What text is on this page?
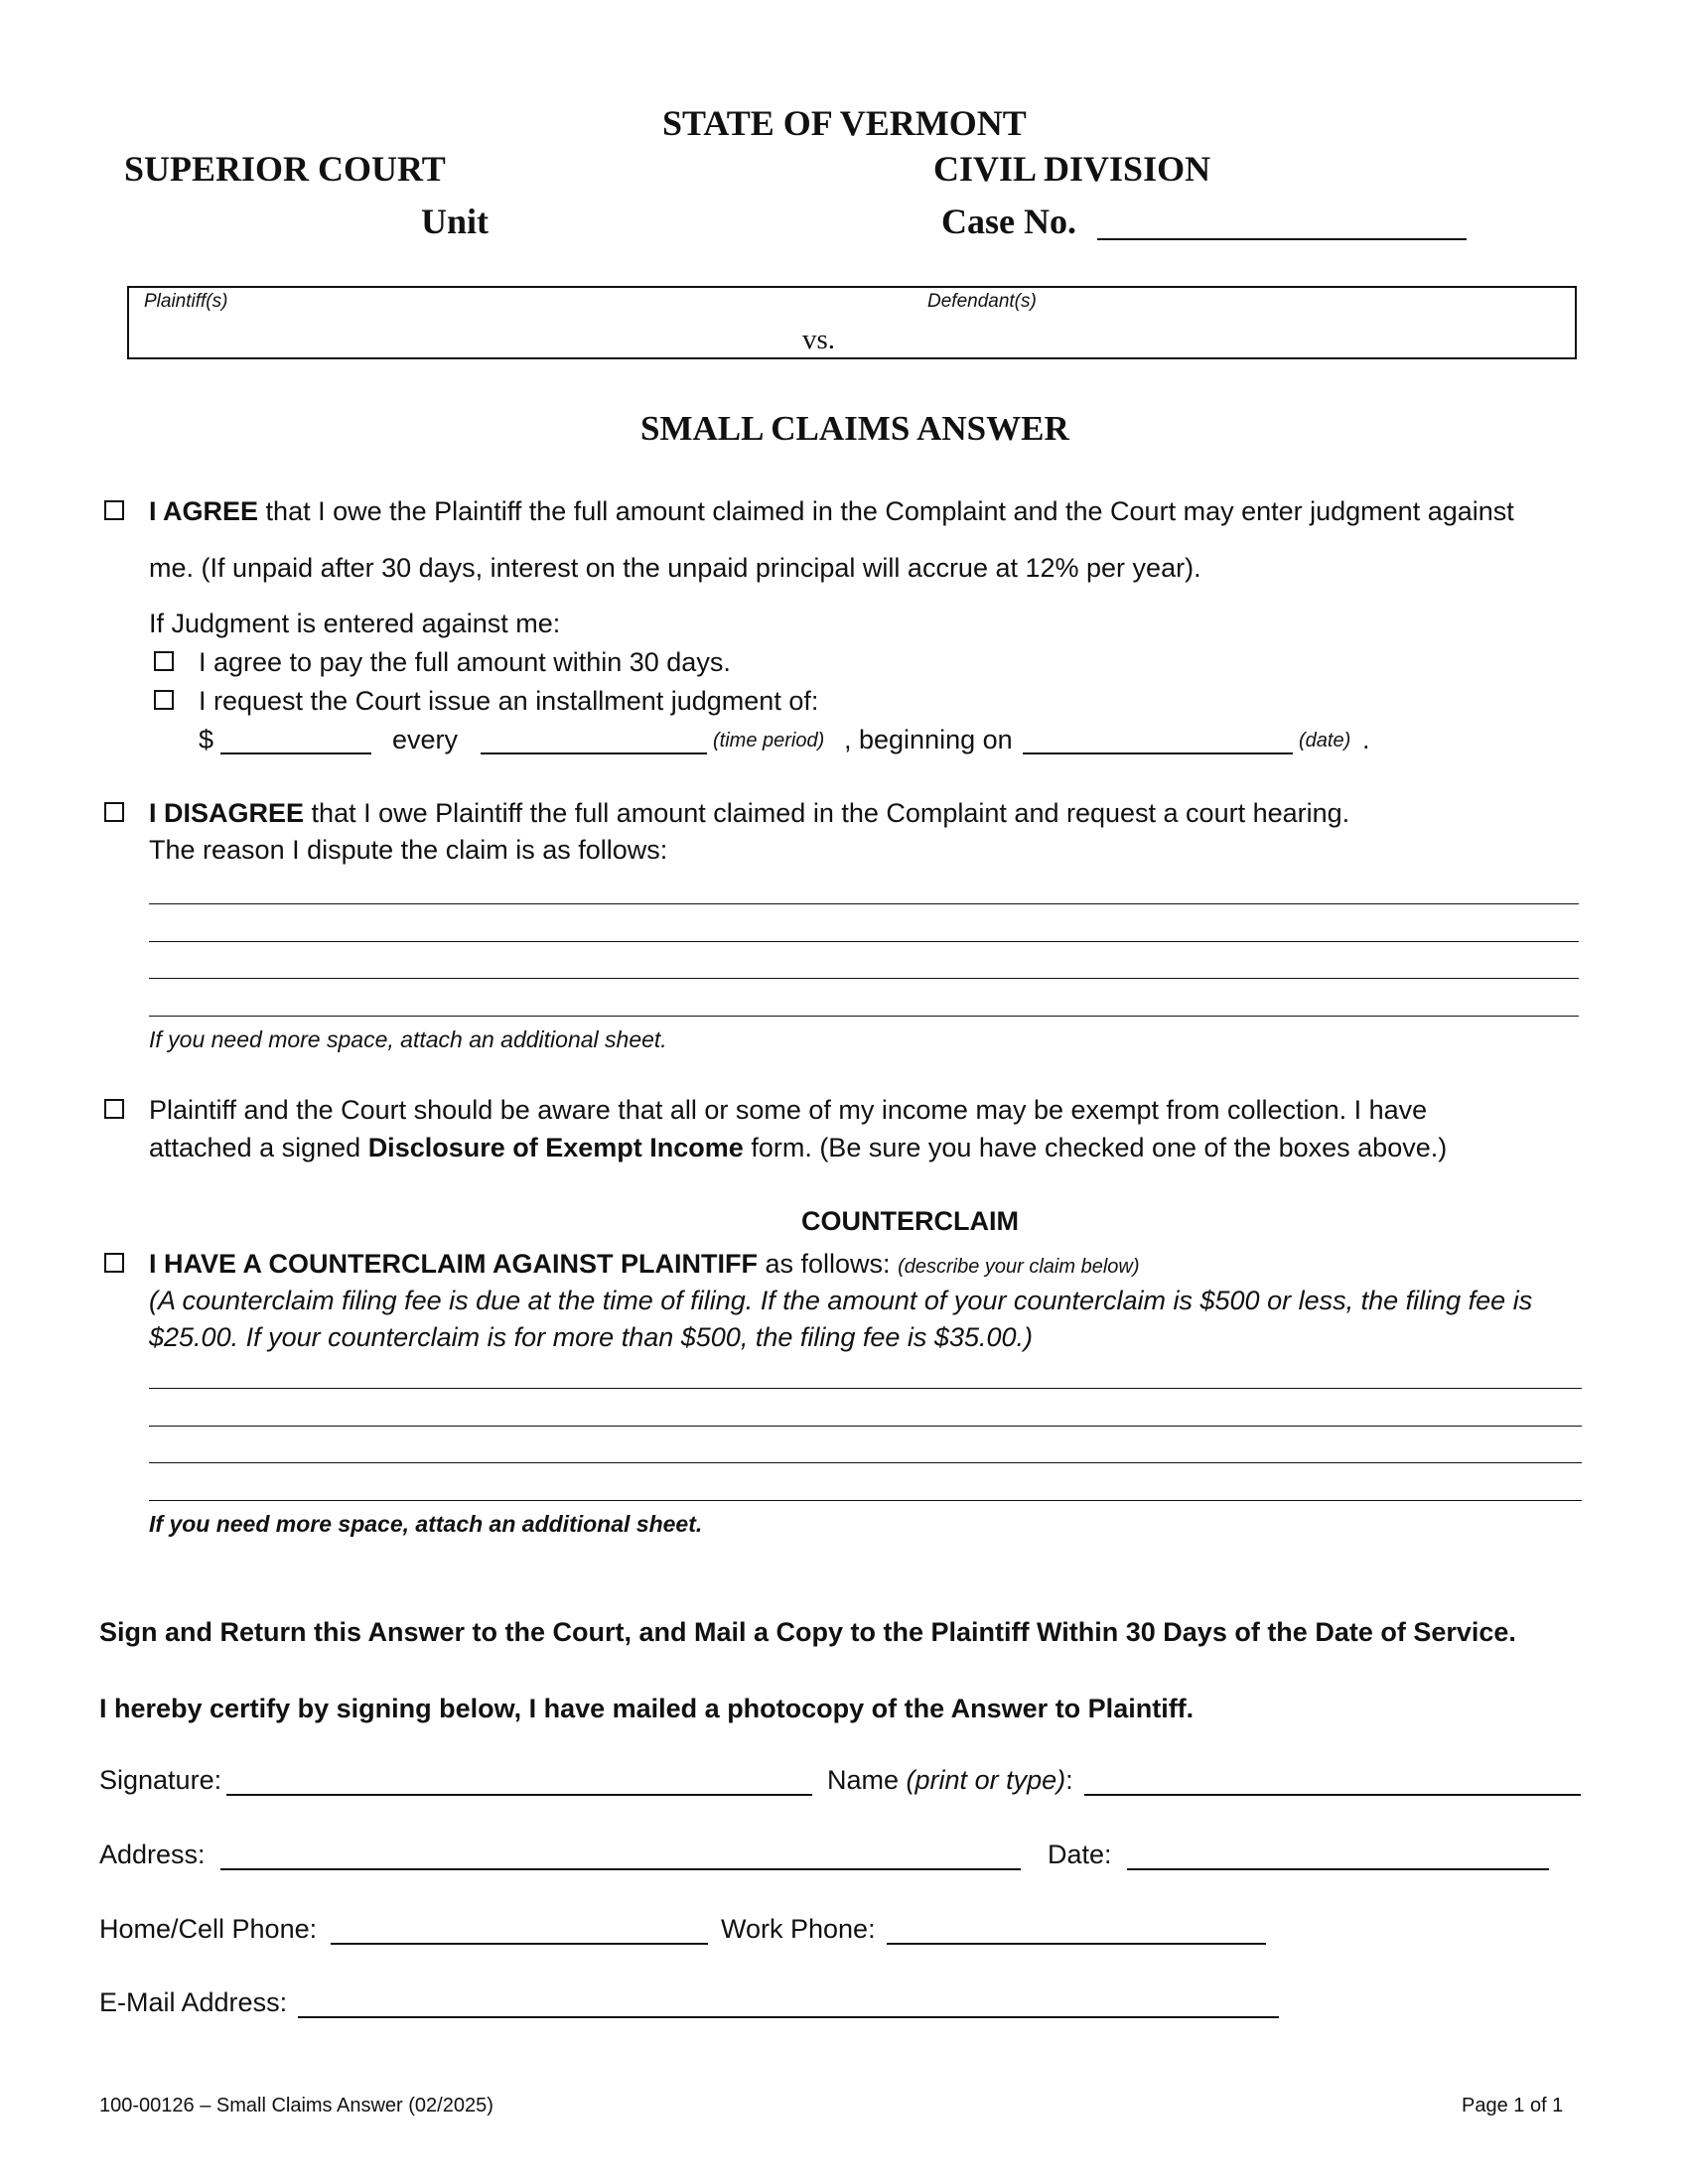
STATE OF VERMONT
SUPERIOR COURT	CIVIL DIVISION
Unit	Case No.
Plaintiff(s)	Defendant(s)
vs.
SMALL CLAIMS ANSWER
I AGREE that I owe the Plaintiff the full amount claimed in the Complaint and the Court may enter judgment against
me. (If unpaid after 30 days, interest on the unpaid principal will accrue at 12% per year).
If Judgment is entered against me:
I agree to pay the full amount within 30 days.
I request the Court issue an installment judgment of:
$	every	(time period) , beginning on	(date) .
I DISAGREE that I owe Plaintiff the full amount claimed in the Complaint and request a court hearing.
The reason I dispute the claim is as follows:
If you need more space, attach an additional sheet.
Plaintiff and the Court should be aware that all or some of my income may be exempt from collection. I have
attached a signed Disclosure of Exempt Income form. (Be sure you have checked one of the boxes above.)
COUNTERCLAIM
I HAVE A COUNTERCLAIM AGAINST PLAINTIFF as follows: (describe your claim below)
(A counterclaim filing fee is due at the time of filing. If the amount of your counterclaim is $500 or less, the filing fee is
$25.00. If your counterclaim is for more than $500, the filing fee is $35.00.)
If you need more space, attach an additional sheet.
Sign and Return this Answer to the Court, and Mail a Copy to the Plaintiff Within 30 Days of the Date of Service.
I hereby certify by signing below, I have mailed a photocopy of the Answer to Plaintiff.
Signature:	Name (print or type):
Address:	Date:
Home/Cell Phone:	Work Phone:
E-Mail Address:
100-00126 – Small Claims Answer (02/2025)	Page 1 of 1
